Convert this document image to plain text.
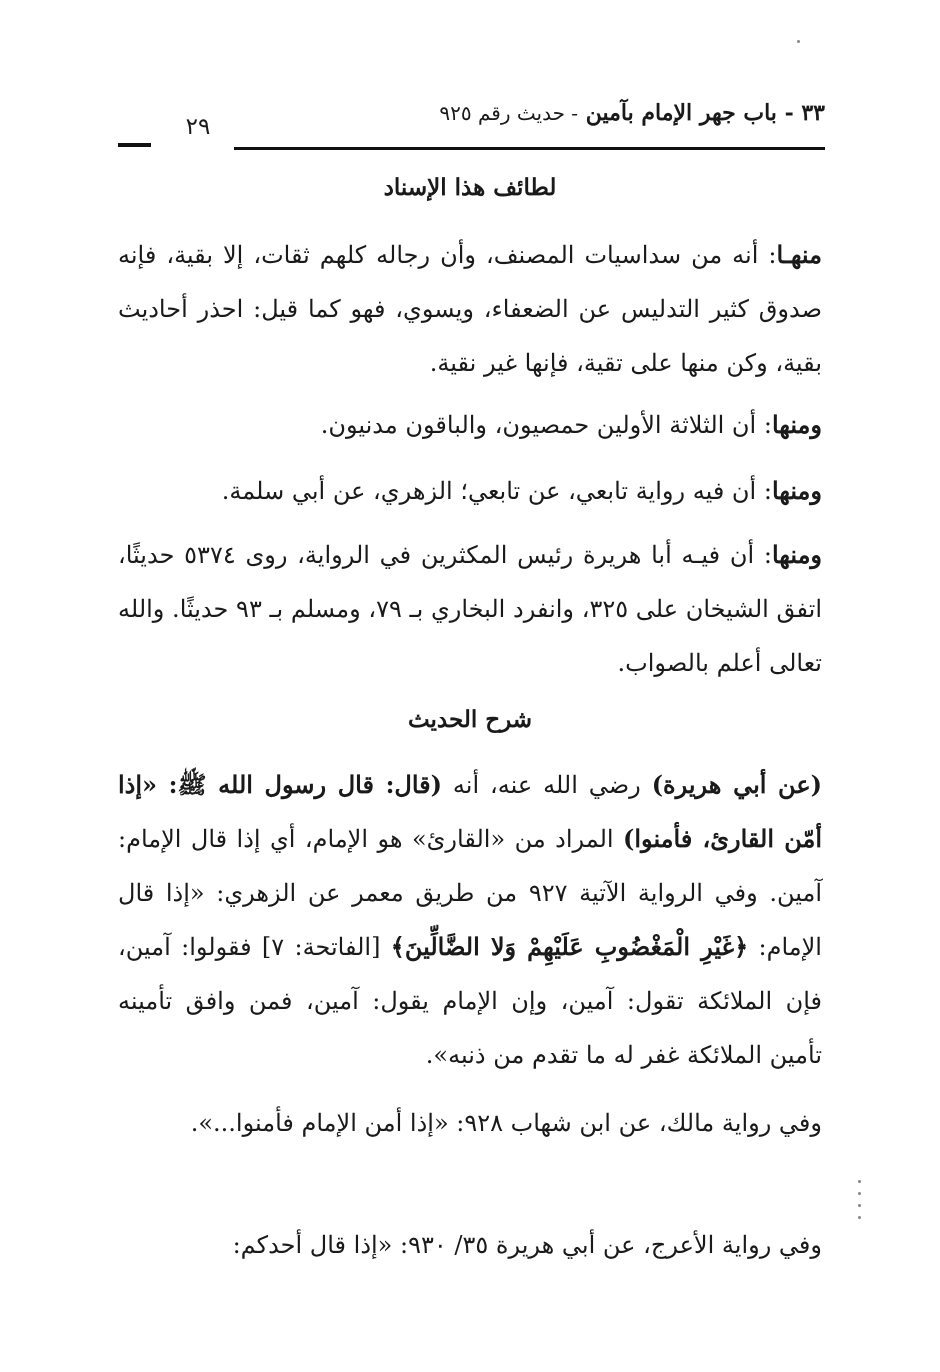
٣٣ - باب جهر الإمام بآمين - حديث رقم ٩٢٥
٢٩
لطائف هذا الإسناد

منهـا: أنه من سداسيات المصنف، وأن رجاله كلهم ثقات، إلا بقية، فإنه صدوق كثير التدليس عن الضعفاء، ويسوي، فهو كما قيل: احذر أحاديث بقية، وكن منها على تقية، فإنها غير نقية.

ومنها: أن الثلاثة الأولين حمصيون، والباقون مدنيون.

ومنها: أن فيه رواية تابعي، عن تابعي؛ الزهري، عن أبي سلمة.

ومنها: أن فيـه أبا هريرة رئيس المكثرين في الرواية، روى ٥٣٧٤ حديثًا، اتفق الشيخان على ٣٢٥، وانفرد البخاري بـ ٧٩، ومسلم بـ ٩٣ حديثًا. والله تعالى أعلم بالصواب.

شرح الحديث

(عن أبي هريرة) رضي الله عنه، أنه (قال: قال رسول الله ﷺ: «إذا أمّن القارئ، فأمنوا) المراد من «القارئ» هو الإمام، أي إذا قال الإمام: آمين. وفي الرواية الآتية ٩٢٧ من طريق معمر عن الزهري: «إذا قال الإمام: ﴿غَيْرِ الْمَغْضُوبِ عَلَيْهِمْ وَلا الضَّالِّينَ﴾ [الفاتحة: ٧] فقولوا: آمين، فإن الملائكة تقول: آمين، وإن الإمام يقول: آمين، فمن وافق تأمينه تأمين الملائكة غفر له ما تقدم من ذنبه».

وفي رواية مالك، عن ابن شهاب ٩٢٨: «إذا أمن الإمام فأمنوا...».

وفي رواية الأعرج، عن أبي هريرة ٣٥/ ٩٣٠: «إذا قال أحدكم:
